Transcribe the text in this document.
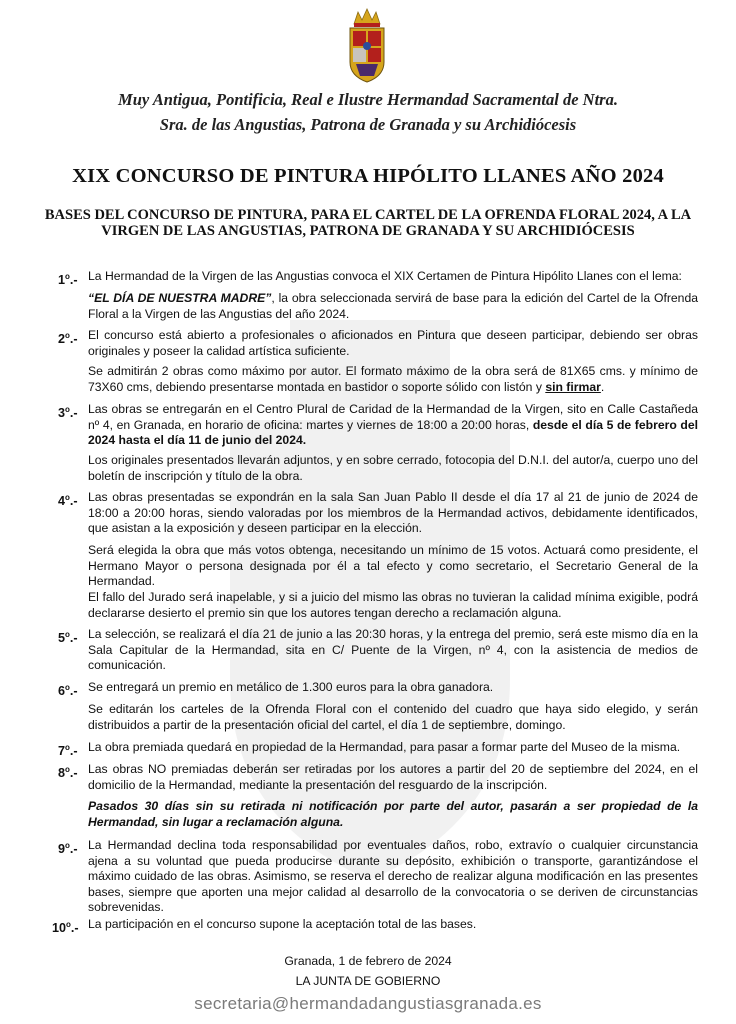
Muy Antigua, Pontificia, Real e Ilustre Hermandad Sacramental de Ntra.
Sra. de las Angustias, Patrona de Granada y su Archidiócesis
XIX CONCURSO DE PINTURA HIPÓLITO LLANES AÑO 2024
BASES DEL CONCURSO DE PINTURA, PARA EL CARTEL DE LA OFRENDA FLORAL 2024, A LA
VIRGEN DE LAS ANGUSTIAS, PATRONA DE GRANADA Y SU ARCHIDIÓCESIS
1$^o$.- La Hermandad de la Virgen de las Angustias convoca el XIX Certamen de Pintura Hipólito Llanes con el lema:
“EL DÍA DE NUESTRA MADRE”, la obra seleccionada servirá de base para la edición del Cartel de la Ofrenda Floral a la Virgen de las Angustias del año 2024.
2$^o$.- El concurso está abierto a profesionales o aficionados en Pintura que deseen participar, debiendo ser obras originales y poseer la calidad artística suficiente.
Se admitirán 2 obras como máximo por autor. El formato máximo de la obra será de 81X65 cms. y mínimo de 73X60 cms, debiendo presentarse montada en bastidor o soporte sólido con listón y sin firmar.
3$^o$.- Las obras se entregarán en el Centro Plural de Caridad de la Hermandad de la Virgen, sito en Calle Castañeda nº 4, en Granada, en horario de oficina: martes y viernes de 18:00 a 20:00 horas, desde el día 5 de febrero del 2024 hasta el día 11 de junio del 2024.
Los originales presentados llevarán adjuntos, y en sobre cerrado, fotocopia del D.N.I. del autor/a, cuerpo uno del boletín de inscripción y título de la obra.
4$^o$.- Las obras presentadas se expondrán en la sala San Juan Pablo II desde el día 17 al 21 de junio de 2024 de 18:00 a 20:00 horas, siendo valoradas por los miembros de la Hermandad activos, debidamente identificados, que asistan a la exposición y deseen participar en la elección.
Será elegida la obra que más votos obtenga, necesitando un mínimo de 15 votos. Actuará como presidente, el Hermano Mayor o persona designada por él a tal efecto y como secretario, el Secretario General de la Hermandad.
El fallo del Jurado será inapelable, y si a juicio del mismo las obras no tuvieran la calidad mínima exigible, podrá declararse desierto el premio sin que los autores tengan derecho a reclamación alguna.
5$^o$.- La selección, se realizará el día 21 de junio a las 20:30 horas, y la entrega del premio, será este mismo día en la Sala Capitular de la Hermandad, sita en C/ Puente de la Virgen, nº 4, con la asistencia de medios de comunicación.
6$^o$.- Se entregará un premio en metálico de 1.300 euros para la obra ganadora.
Se editarán los carteles de la Ofrenda Floral con el contenido del cuadro que haya sido elegido, y serán distribuidos a partir de la presentación oficial del cartel, el día 1 de septiembre, domingo.
7$^o$.- La obra premiada quedará en propiedad de la Hermandad, para pasar a formar parte del Museo de la misma.
8$^o$.- Las obras NO premiadas deberán ser retiradas por los autores a partir del 20 de septiembre del 2024, en el domicilio de la Hermandad, mediante la presentación del resguardo de la inscripción.
Pasados 30 días sin su retirada ni notificación por parte del autor, pasarán a ser propiedad de la Hermandad, sin lugar a reclamación alguna.
9$^o$.- La Hermandad declina toda responsabilidad por eventuales daños, robo, extravío o cualquier circunstancia ajena a su voluntad que pueda producirse durante su depósito, exhibición o transporte, garantizándose el máximo cuidado de las obras. Asimismo, se reserva el derecho de realizar alguna modificación en las presentes bases, siempre que aporten una mejor calidad al desarrollo de la convocatoria o se deriven de circunstancias sobrevenidas.
10$^o$.- La participación en el concurso supone la aceptación total de las bases.
Granada, 1 de febrero de 2024
LA JUNTA DE GOBIERNO
secretaria@hermandadangustiasgranada.es
